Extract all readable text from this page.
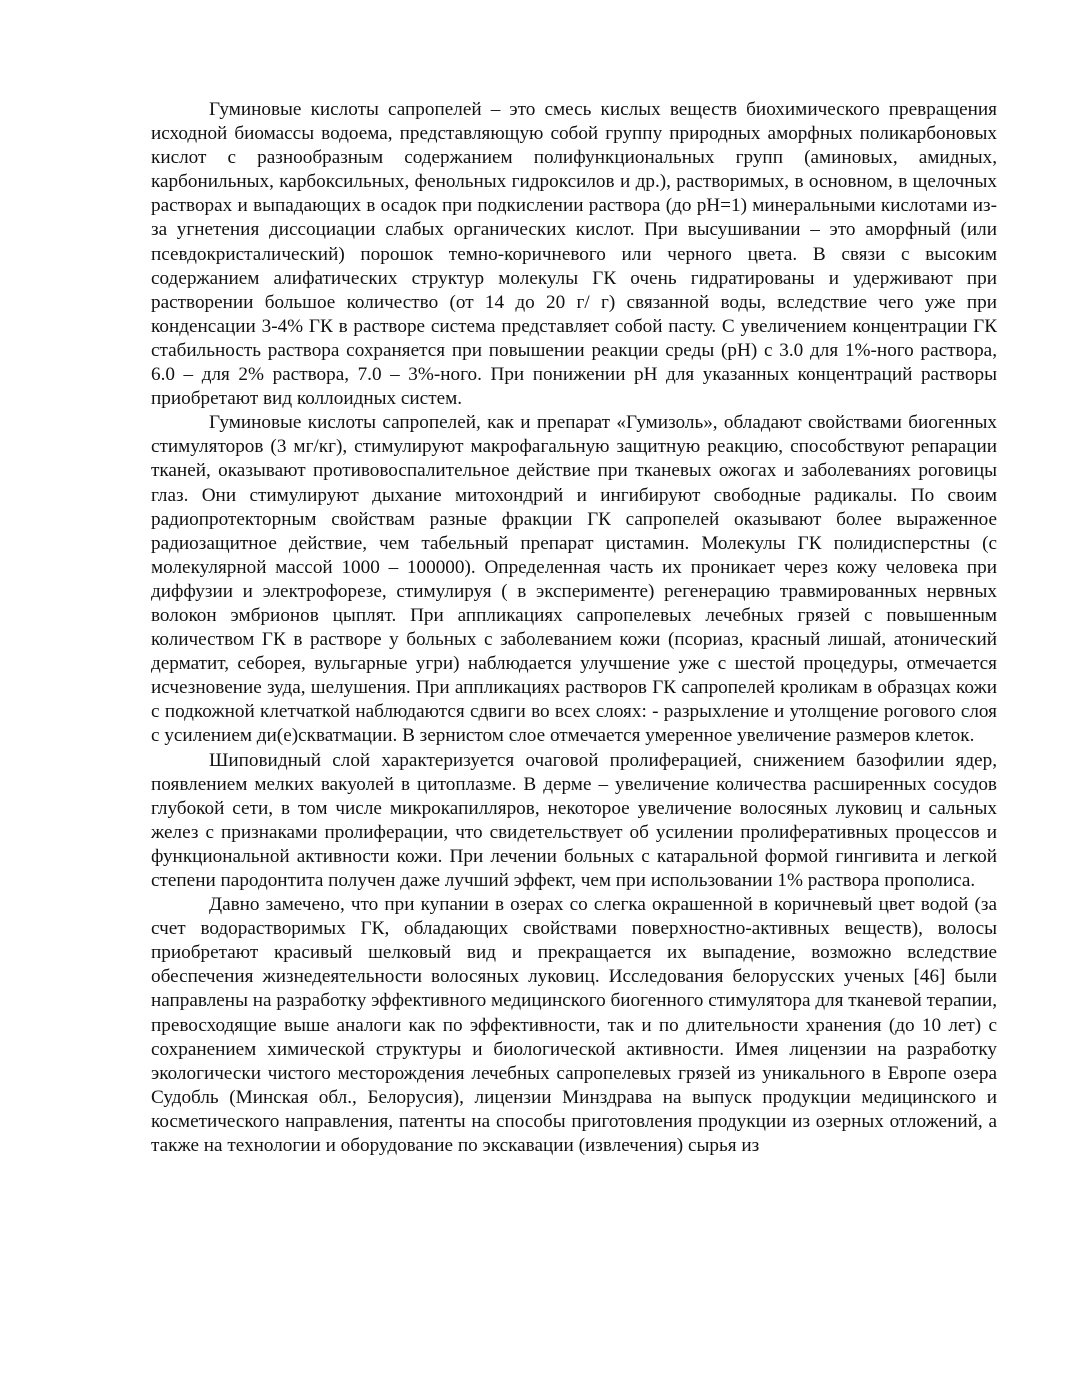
Гуминовые кислоты сапропелей – это смесь кислых веществ биохимического превращения исходной биомассы водоема, представляющую собой группу природных аморфных поликарбоновых кислот с разнообразным содержанием полифункциональных групп (аминовых, амидных, карбонильных, карбоксильных, фенольных гидроксилов и др.), растворимых, в основном, в щелочных растворах и выпадающих в осадок при подкислении раствора (до pH=1) минеральными кислотами из-за угнетения диссоциации слабых органических кислот. При высушивании – это аморфный (или псевдокристалический) порошок темно-коричневого или черного цвета. В связи с высоким содержанием алифатических структур молекулы ГК очень гидратированы и удерживают при растворении большое количество (от 14 до 20 г/ г) связанной воды, вследствие чего уже при конденсации 3-4% ГК в растворе система представляет собой пасту. С увеличением концентрации ГК стабильность раствора сохраняется при повышении реакции среды (pH) с 3.0 для 1%-ного раствора, 6.0 – для 2% раствора, 7.0 – 3%-ного. При понижении pH для указанных концентраций растворы приобретают вид коллоидных систем.

Гуминовые кислоты сапропелей, как и препарат «Гумизоль», обладают свойствами биогенных стимуляторов (3 мг/кг), стимулируют макрофагальную защитную реакцию, способствуют репарации тканей, оказывают противовоспалительное действие при тканевых ожогах и заболеваниях роговицы глаз. Они стимулируют дыхание митохондрий и ингибируют свободные радикалы. По своим радиопротекторным свойствам разные фракции ГК сапропелей оказывают более выраженное радиозащитное действие, чем табельный препарат цистамин. Молекулы ГК полидисперстны (с молекулярной массой 1000 – 100000). Определенная часть их проникает через кожу человека при диффузии и электрофорезе, стимулируя ( в эксперименте) регенерацию травмированных нервных волокон эмбрионов цыплят. При аппликациях сапропелевых лечебных грязей с повышенным количеством ГК в растворе у больных с заболеванием кожи (псориаз, красный лишай, атонический дерматит, себорея, вульгарные угри) наблюдается улучшение уже с шестой процедуры, отмечается исчезновение зуда, шелушения. При аппликациях растворов ГК сапропелей кроликам в образцах кожи с подкожной клетчаткой наблюдаются сдвиги во всех слоях: - разрыхление и утолщение рогового слоя с усилением ди(е)скватмации. В зернистом слое отмечается умеренное увеличение размеров клеток.

Шиповидный слой характеризуется очаговой пролиферацией, снижением базофилии ядер, появлением мелких вакуолей в цитоплазме. В дерме – увеличение количества расширенных сосудов глубокой сети, в том числе микрокапилляров, некоторое увеличение волосяных луковиц и сальных желез с признаками пролиферации, что свидетельствует об усилении пролиферативных процессов и функциональной активности кожи. При лечении больных с катаральной формой гингивита и легкой степени пародонтита получен даже лучший эффект, чем при использовании 1% раствора прополиса.

Давно замечено, что при купании в озерах со слегка окрашенной в коричневый цвет водой (за счет водорастворимых ГК, обладающих свойствами поверхностно-активных веществ), волосы приобретают красивый шелковый вид и прекращается их выпадение, возможно вследствие обеспечения жизнедеятельности волосяных луковиц. Исследования белорусских ученых [46] были направлены на разработку эффективного медицинского биогенного стимулятора для тканевой терапии, превосходящие выше аналоги как по эффективности, так и по длительности хранения (до 10 лет) с сохранением химической структуры и биологической активности. Имея лицензии на разработку экологически чистого месторождения лечебных сапропелевых грязей из уникального в Европе озера Судобль (Минская обл., Белорусия), лицензии Минздрава на выпуск продукции медицинского и косметического направления, патенты на способы приготовления продукции из озерных отложений, а также на технологии и оборудование по экскавации (извлечения) сырья из
